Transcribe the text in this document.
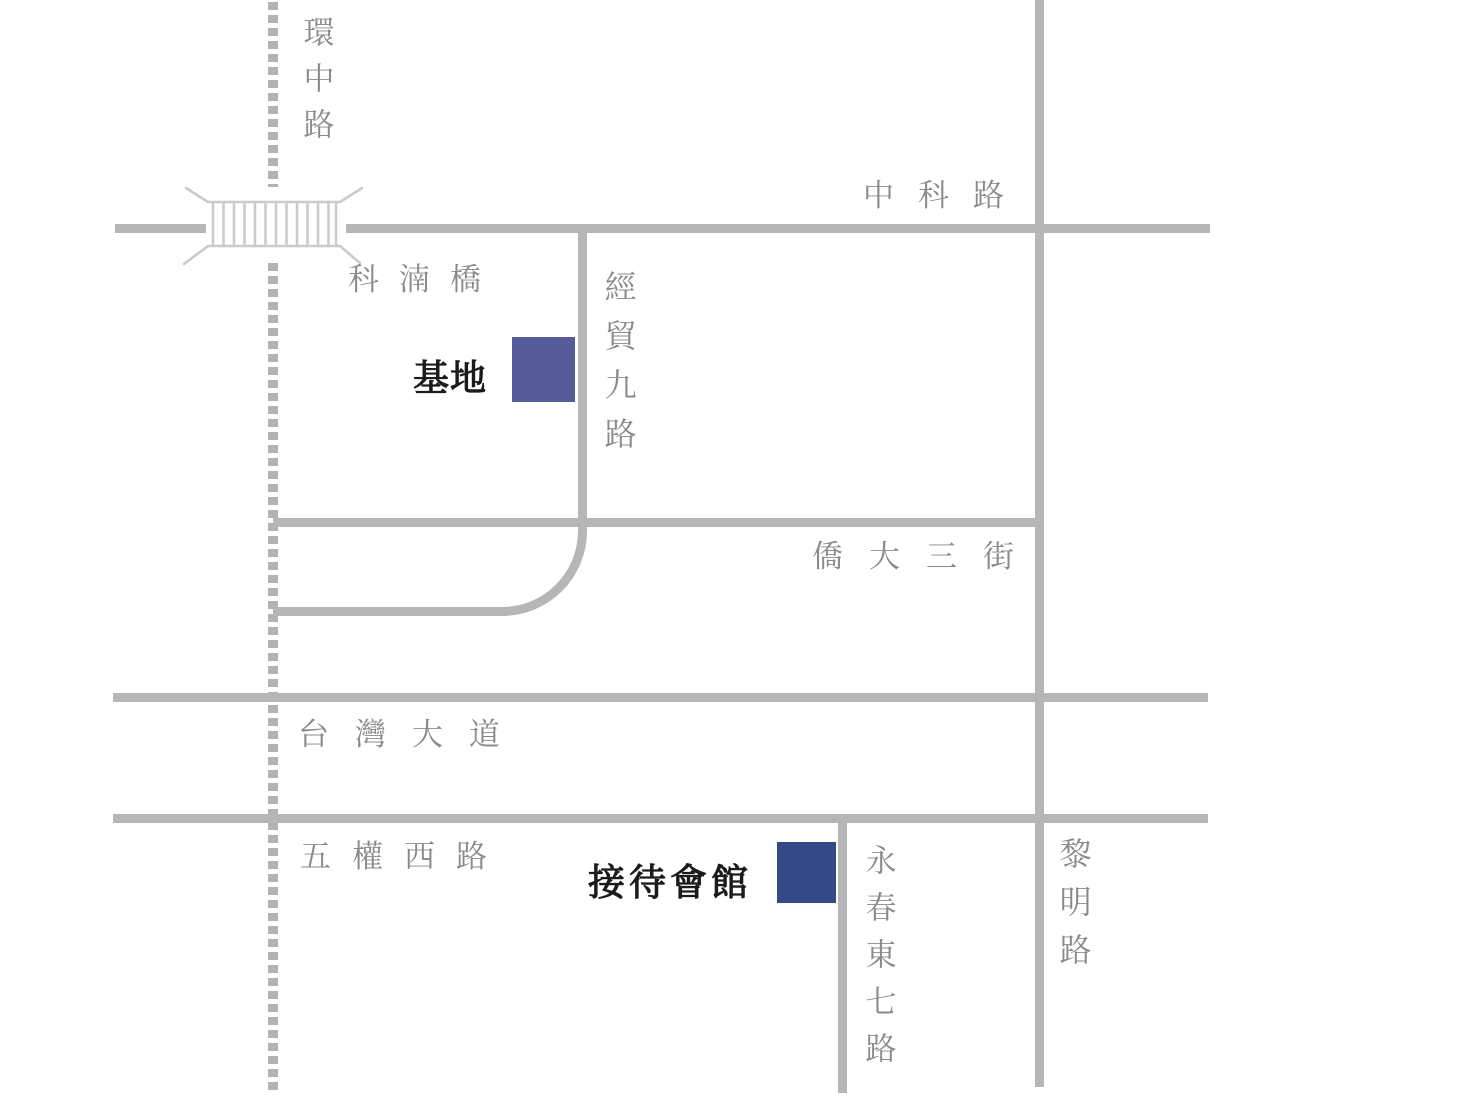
環中路
中科路
科湳橋	經貿九路
僑大三街
台灣大道
五權西路	永春東七路	黎明路
基地
接待會館
